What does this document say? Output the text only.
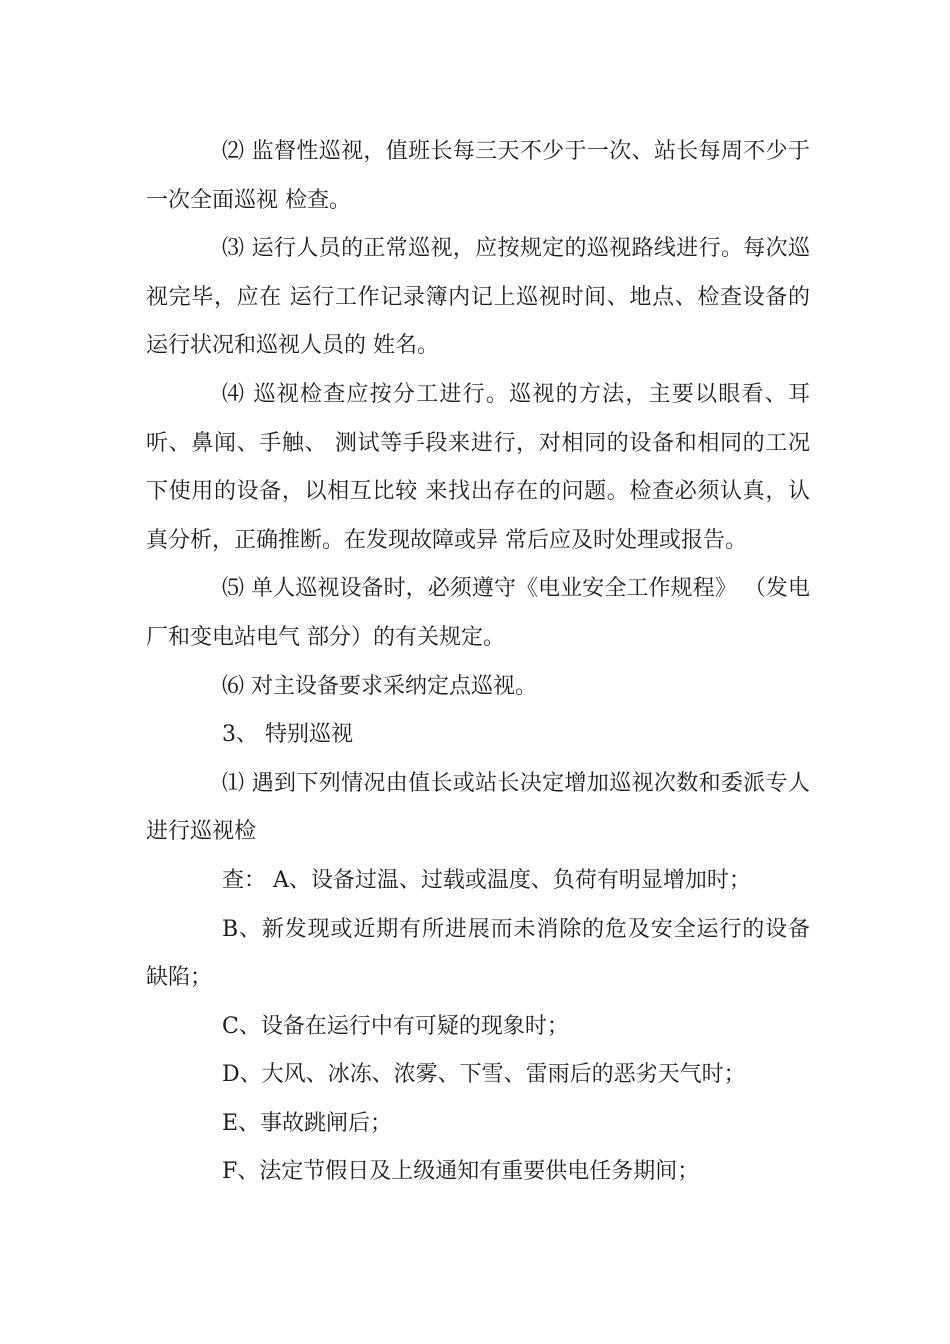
⑵ 监督性巡视，值班长每三天不少于一次、站长每周不少于一次全面巡视 检查。

⑶ 运行人员的正常巡视，应按规定的巡视路线进行。每次巡视完毕，应在 运行工作记录簿内记上巡视时间、地点、检查设备的运行状况和巡视人员的 姓名。

⑷ 巡视检查应按分工进行。巡视的方法，主要以眼看、耳听、鼻闻、手触、 测试等手段来进行，对相同的设备和相同的工况下使用的设备，以相互比较 来找出存在的问题。检查必须认真，认真分析，正确推断。在发现故障或异 常后应及时处理或报告。

⑸ 单人巡视设备时，必须遵守《电业安全工作规程》 （发电厂和变电站电气 部分）的有关规定。

⑹ 对主设备要求采纳定点巡视。

3、 特别巡视

⑴ 遇到下列情况由值长或站长决定增加巡视次数和委派专人进行巡视检

查： A、设备过温、过载或温度、负荷有明显增加时；

B、新发现或近期有所进展而未消除的危及安全运行的设备缺陷；

C、设备在运行中有可疑的现象时；

D、大风、冰冻、浓雾、下雪、雷雨后的恶劣天气时；

E、事故跳闸后；

F、法定节假日及上级通知有重要供电任务期间；
